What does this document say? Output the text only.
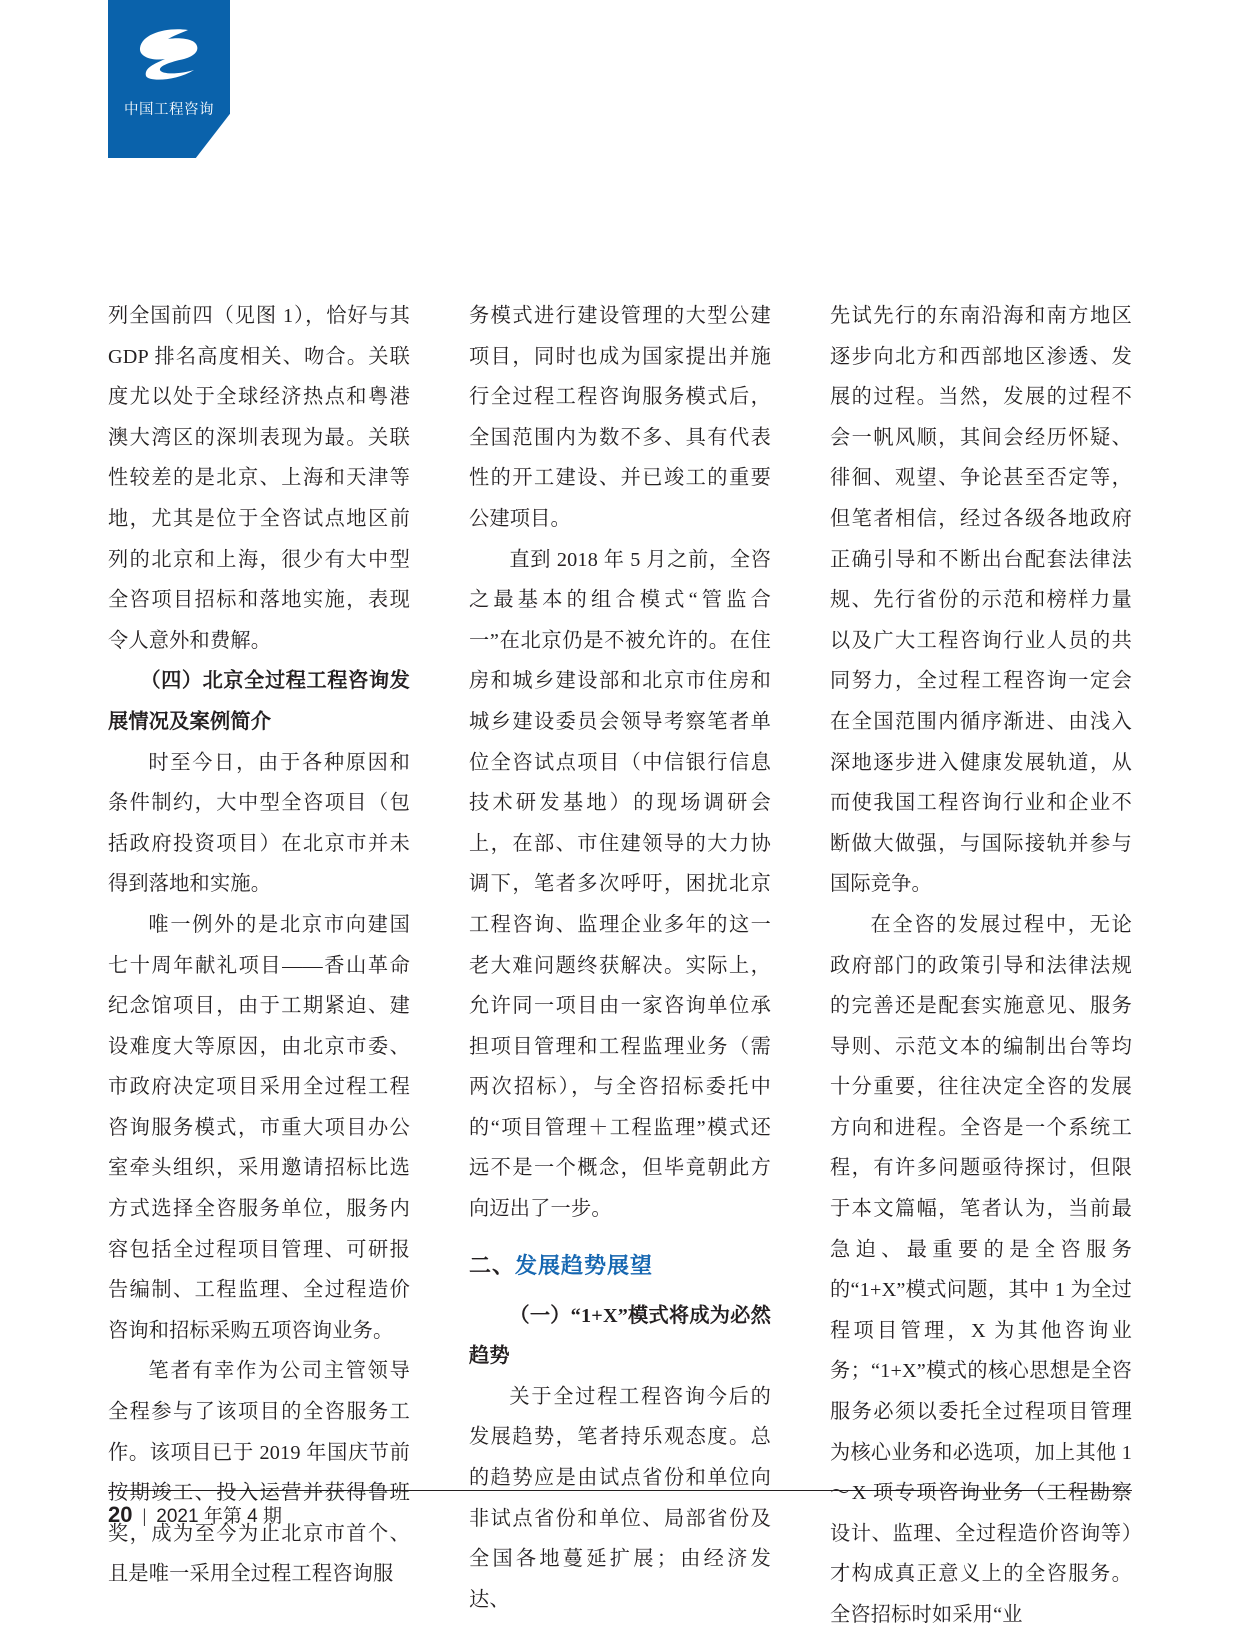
中国工程咨询

列全国前四（见图 1），恰好与其 GDP 排名高度相关、吻合。关联度尤以处于全球经济热点和粤港澳大湾区的深圳表现为最。关联性较差的是北京、上海和天津等地，尤其是位于全咨试点地区前列的北京和上海，很少有大中型全咨项目招标和落地实施，表现令人意外和费解。

（四）北京全过程工程咨询发展情况及案例简介

时至今日，由于各种原因和条件制约，大中型全咨项目（包括政府投资项目）在北京市并未得到落地和实施。

唯一例外的是北京市向建国七十周年献礼项目——香山革命纪念馆项目，由于工期紧迫、建设难度大等原因，由北京市委、市政府决定项目采用全过程工程咨询服务模式，市重大项目办公室牵头组织，采用邀请招标比选方式选择全咨服务单位，服务内容包括全过程项目管理、可研报告编制、工程监理、全过程造价咨询和招标采购五项咨询业务。

笔者有幸作为公司主管领导全程参与了该项目的全咨服务工作。该项目已于 2019 年国庆节前按期竣工、投入运营并获得鲁班奖，成为至今为止北京市首个、且是唯一采用全过程工程咨询服

务模式进行建设管理的大型公建项目，同时也成为国家提出并施行全过程工程咨询服务模式后，全国范围内为数不多、具有代表性的开工建设、并已竣工的重要公建项目。

直到 2018 年 5 月之前，全咨之最基本的组合模式“管监合一”在北京仍是不被允许的。在住房和城乡建设部和北京市住房和城乡建设委员会领导考察笔者单位全咨试点项目（中信银行信息技术研发基地）的现场调研会上，在部、市住建领导的大力协调下，笔者多次呼吁，困扰北京工程咨询、监理企业多年的这一老大难问题终获解决。实际上，允许同一项目由一家咨询单位承担项目管理和工程监理业务（需两次招标），与全咨招标委托中的“项目管理＋工程监理”模式还远不是一个概念，但毕竟朝此方向迈出了一步。

二、发展趋势展望

（一）“1+X”模式将成为必然趋势

关于全过程工程咨询今后的发展趋势，笔者持乐观态度。总的趋势应是由试点省份和单位向非试点省份和单位、局部省份及全国各地蔓延扩展；由经济发达、

先试先行的东南沿海和南方地区逐步向北方和西部地区渗透、发展的过程。当然，发展的过程不会一帆风顺，其间会经历怀疑、徘徊、观望、争论甚至否定等，但笔者相信，经过各级各地政府正确引导和不断出台配套法律法规、先行省份的示范和榜样力量以及广大工程咨询行业人员的共同努力，全过程工程咨询一定会在全国范围内循序渐进、由浅入深地逐步进入健康发展轨道，从而使我国工程咨询行业和企业不断做大做强，与国际接轨并参与国际竞争。

在全咨的发展过程中，无论政府部门的政策引导和法律法规的完善还是配套实施意见、服务导则、示范文本的编制出台等均十分重要，往往决定全咨的发展方向和进程。全咨是一个系统工程，有许多问题亟待探讨，但限于本文篇幅，笔者认为，当前最急迫、最重要的是全咨服务的“1+X”模式问题，其中 1 为全过程项目管理，X 为其他咨询业务；“1+X”模式的核心思想是全咨服务必须以委托全过程项目管理为核心业务和必选项，加上其他 1～X 项专项咨询业务（工程勘察设计、监理、全过程造价咨询等）才构成真正意义上的全咨服务。全咨招标时如采用“业

20 | 2021 年第 4 期
